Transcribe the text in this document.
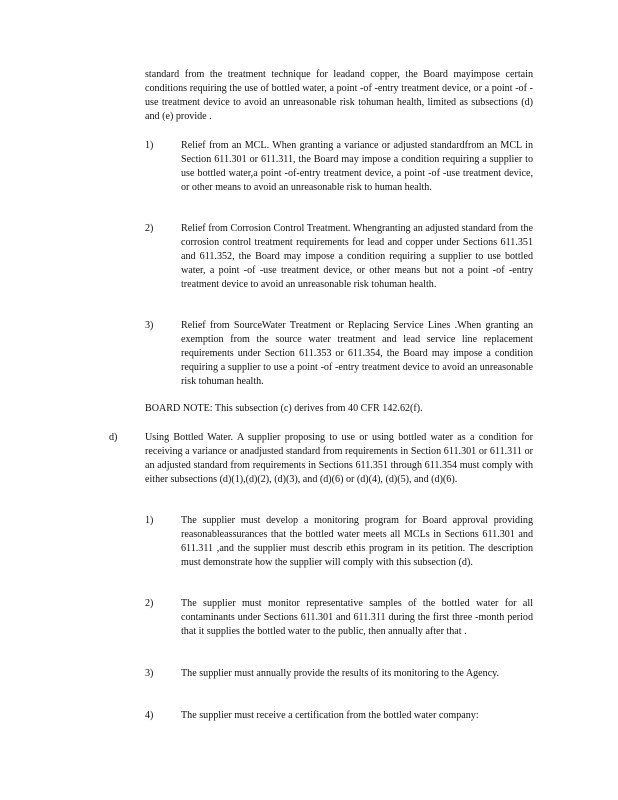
standard from the treatment technique for leadand copper, the Board mayimpose certain conditions requiring the use of bottled water, a point -of -entry treatment device, or a point -of -use treatment device to avoid an unreasonable risk tohuman health, limited as subsections (d) and (e) provide .

1)	Relief from an MCL. When granting a variance or adjusted standardfrom an MCL in Section 611.301 or 611.311, the Board may impose a condition requiring a supplier to use bottled water,a point -of-entry treatment device, a point -of -use treatment device, or other means to avoid an unreasonable risk to human health.

2)	Relief from Corrosion Control Treatment. Whengranting an adjusted standard from the corrosion control treatment requirements for lead and copper under Sections 611.351 and 611.352, the Board may impose a condition requiring a supplier to use bottled water, a point -of -use treatment device, or other means but not a point -of -entry treatment device to avoid an unreasonable risk tohuman health.

3)	Relief from SourceWater Treatment or Replacing Service Lines .When granting an exemption from the source water treatment and lead service line replacement requirements under Section 611.353 or 611.354, the Board may impose a condition requiring a supplier to use a point -of -entry treatment device to avoid an unreasonable risk tohuman health.

BOARD NOTE: This subsection (c) derives from 40 CFR 142.62(f).

d)	Using Bottled Water. A supplier proposing to use or using bottled water as a condition for receiving a variance or anadjusted standard from requirements in Section 611.301 or 611.311 or an adjusted standard from requirements in Sections 611.351 through 611.354 must comply with either subsections (d)(1),(d)(2), (d)(3), and (d)(6) or (d)(4), (d)(5), and (d)(6).

1)	The supplier must develop a monitoring program for Board approval providing reasonableassurances that the bottled water meets all MCLs in Sections 611.301 and 611.311 ,and the supplier must describ ethis program in its petition. The description must demonstrate how the supplier will comply with this subsection (d).

2)	The supplier must monitor representative samples of the bottled water for all contaminants under Sections 611.301 and 611.311 during the first three -month period that it supplies the bottled water to the public, then annually after that .

3)	The supplier must annually provide the results of its monitoring to the Agency.

4)	The supplier must receive a certification from the bottled water company:
